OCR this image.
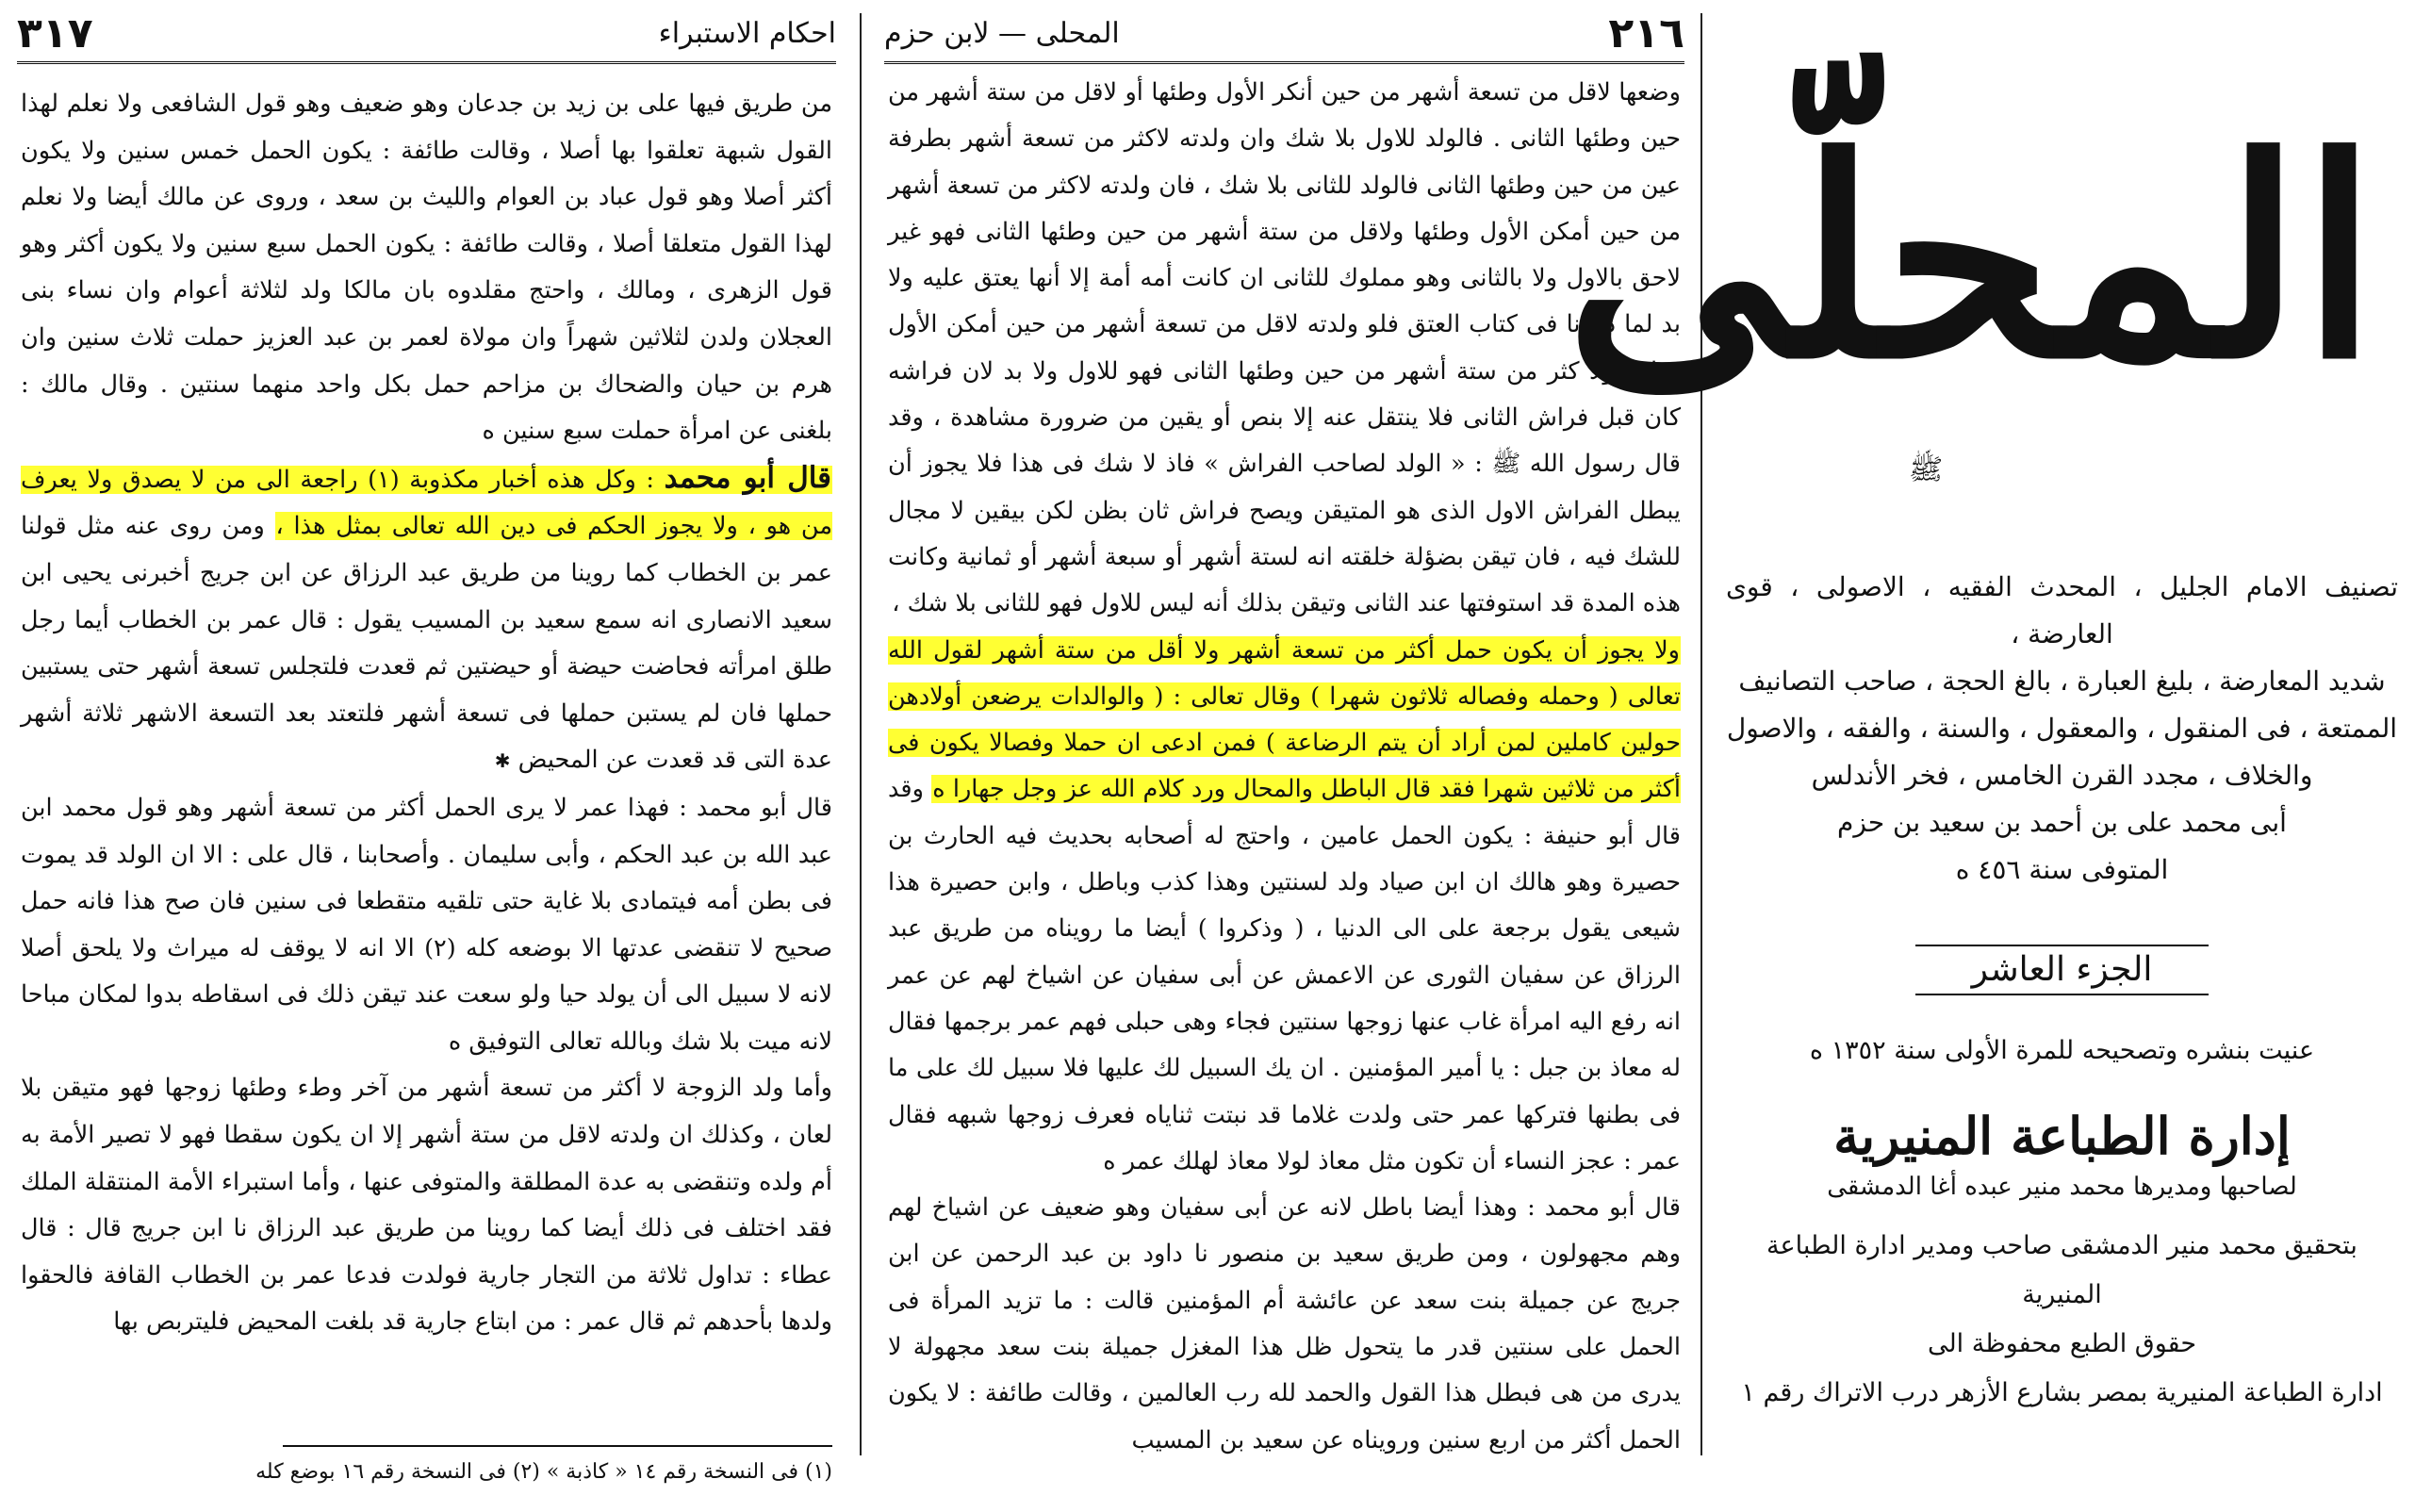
احكام الاستبراء
٣١٧

من طريق فيها على بن زيد بن جدعان وهو ضعيف وهو قول الشافعى ولا نعلم لهذا القول شبهة تعلقوا بها أصلا ، وقالت طائفة : يكون الحمل خمس سنين ولا يكون أكثر أصلا وهو قول عباد بن العوام والليث بن سعد ، وروى عن مالك أيضا ولا نعلم لهذا القول متعلقا أصلا ، وقالت طائفة : يكون الحمل سبع سنين ولا يكون أكثر وهو قول الزهرى ، ومالك ، واحتج مقلدوه بان مالكا ولد لثلاثة أعوام وان نساء بنى العجلان ولدن لثلاثين شهراً وان مولاة لعمر بن عبد العزيز حملت ثلاث سنين وان هرم بن حيان والضحاك بن مزاحم حمل بكل واحد منهما سنتين . وقال مالك : بلغنى عن امرأة حملت سبع سنين ه

قال أبو محمد : وكل هذه أخبار مكذوبة (١) راجعة الى من لا يصدق ولا يعرف من هو ، ولا يجوز الحكم فى دين الله تعالى بمثل هذا ، ومن روى عنه مثل قولنا عمر بن الخطاب كما روينا من طريق عبد الرزاق عن ابن جريج أخبرنى يحيى ابن سعيد الانصارى انه سمع سعيد بن المسيب يقول : قال عمر بن الخطاب أيما رجل طلق امرأته فحاضت حيضة أو حيضتين ثم قعدت فلتجلس تسعة أشهر حتى يستبين حملها فان لم يستبن حملها فى تسعة أشهر فلتعتد بعد التسعة الاشهر ثلاثة أشهر عدة التى قد قعدت عن المحيض ✱

قال أبو محمد : فهذا عمر لا يرى الحمل أكثر من تسعة أشهر وهو قول محمد ابن عبد الله بن عبد الحكم ، وأبى سليمان . وأصحابنا ، قال على : الا ان الولد قد يموت فى بطن أمه فيتمادى بلا غاية حتى تلقيه متقطعا فى سنين فان صح هذا فانه حمل صحيح لا تنقضى عدتها الا بوضعه كله (٢) الا انه لا يوقف له ميراث ولا يلحق أصلا لانه لا سبيل الى أن يولد حيا ولو سعت عند تيقن ذلك فى اسقاطه بدوا لمكان مباحا لانه ميت بلا شك وبالله تعالى التوفيق ه

وأما ولد الزوجة لا أكثر من تسعة أشهر من آخر وطء وطئها زوجها فهو متيقن بلا لعان ، وكذلك ان ولدته لاقل من ستة أشهر إلا ان يكون سقطا فهو لا تصير الأمة به أم ولده وتنقضى به عدة المطلقة والمتوفى عنها ، وأما استبراء الأمة المنتقلة الملك فقد اختلف فى ذلك أيضا كما روينا من طريق عبد الرزاق نا ابن جريج قال : قال عطاء : تداول ثلاثة من التجار جارية فولدت فدعا عمر بن الخطاب القافة فالحقوا ولدها بأحدهم ثم قال عمر : من ابتاع جارية قد بلغت المحيض فليتربص بها

(١) فى النسخة رقم ١٤ « كاذبة » (٢) فى النسخة رقم ١٦ بوضع كله
٢١٦
المحلى — لابن حزم

وضعها لاقل من تسعة أشهر من حين أنكر الأول وطئها أو لاقل من ستة أشهر من حين وطئها الثانى . فالولد للاول بلا شك وان ولدته لاكثر من تسعة أشهر بطرفة عين من حين وطئها الثانى فالولد للثانى بلا شك ، فان ولدته لاكثر من تسعة أشهر من حين أمكن الأول وطئها ولاقل من ستة أشهر من حين وطئها الثانى فهو غير لاحق بالاول ولا بالثانى وهو مملوك للثانى ان كانت أمه أمة إلا أنها يعتق عليه ولا بد لما ذكرنا فى كتاب العتق فلو ولدته لاقل من تسعة أشهر من حين أمكن الأول وطئها ولا كثر من ستة أشهر من حين وطئها الثانى فهو للاول ولا بد لان فراشه كان قبل فراش الثانى فلا ينتقل عنه إلا بنص أو يقين من ضرورة مشاهدة ، وقد قال رسول الله ﷺ : « الولد لصاحب الفراش » فاذ لا شك فى هذا فلا يجوز أن يبطل الفراش الاول الذى هو المتيقن ويصح فراش ثان بظن لكن بيقين لا مجال للشك فيه ، فان تيقن بضؤلة خلقته انه لستة أشهر أو سبعة أشهر أو ثمانية وكانت هذه المدة قد استوفتها عند الثانى وتيقن بذلك أنه ليس للاول فهو للثانى بلا شك ،

ولا يجوز أن يكون حمل أكثر من تسعة أشهر ولا أقل من ستة أشهر لقول الله تعالى ( وحمله وفصاله ثلاثون شهرا ) وقال تعالى : ( والوالدات يرضعن أولادهن حولين كاملين لمن أراد أن يتم الرضاعة ) فمن ادعى ان حملا وفصالا يكون فى أكثر من ثلاثين شهرا فقد قال الباطل والمحال ورد كلام الله عز وجل جهارا ه وقد قال أبو حنيفة : يكون الحمل عامين ، واحتج له أصحابه بحديث فيه الحارث بن حصيرة وهو هالك ان ابن صياد ولد لسنتين وهذا كذب وباطل ، وابن حصيرة هذا شيعى يقول برجعة على الى الدنيا ، ( وذكروا ) أيضا ما رويناه من طريق عبد الرزاق عن سفيان الثورى عن الاعمش عن أبى سفيان عن اشياخ لهم عن عمر انه رفع اليه امرأة غاب عنها زوجها سنتين فجاء وهى حبلى فهم عمر برجمها فقال له معاذ بن جبل : يا أمير المؤمنين . ان يك السبيل لك عليها فلا سبيل لك على ما فى بطنها فتركها عمر حتى ولدت غلاما قد نبتت ثناياه فعرف زوجها شبهه فقال عمر : عجز النساء أن تكون مثل معاذ لولا معاذ لهلك عمر ه

قال أبو محمد : وهذا أيضا باطل لانه عن أبى سفيان وهو ضعيف عن اشياخ لهم وهم مجهولون ، ومن طريق سعيد بن منصور نا داود بن عبد الرحمن عن ابن جريج عن جميلة بنت سعد عن عائشة أم المؤمنين قالت : ما تزيد المرأة فى الحمل على سنتين قدر ما يتحول ظل هذا المغزل جميلة بنت سعد مجهولة لا يدرى من هى فبطل هذا القول والحمد لله رب العالمين ، وقالت طائفة : لا يكون الحمل أكثر من اربع سنين ورويناه عن سعيد بن المسيب

المحلّى
ﷺ
تصنيف الامام الجليل ، المحدث الفقيه ، الاصولى ، قوى العارضة ،
شديد المعارضة ، بليغ العبارة ، بالغ الحجة ، صاحب التصانيف
الممتعة ، فى المنقول ، والمعقول ، والسنة ، والفقه ، والاصول
والخلاف ، مجدد القرن الخامس ، فخر الأندلس
أبى محمد على بن أحمد بن سعيد بن حزم
المتوفى سنة ٤٥٦ ه
الجزء العاشر
عنيت بنشره وتصحيحه للمرة الأولى سنة ١٣٥٢ ه
إدارة الطباعة المنيرية
لصاحبها ومديرها محمد منير عبده أغا الدمشقى
بتحقيق محمد منير الدمشقى صاحب ومدير ادارة الطباعة المنيرية
حقوق الطبع محفوظة الى
ادارة الطباعة المنيرية بمصر بشارع الأزهر درب الاتراك رقم ١
